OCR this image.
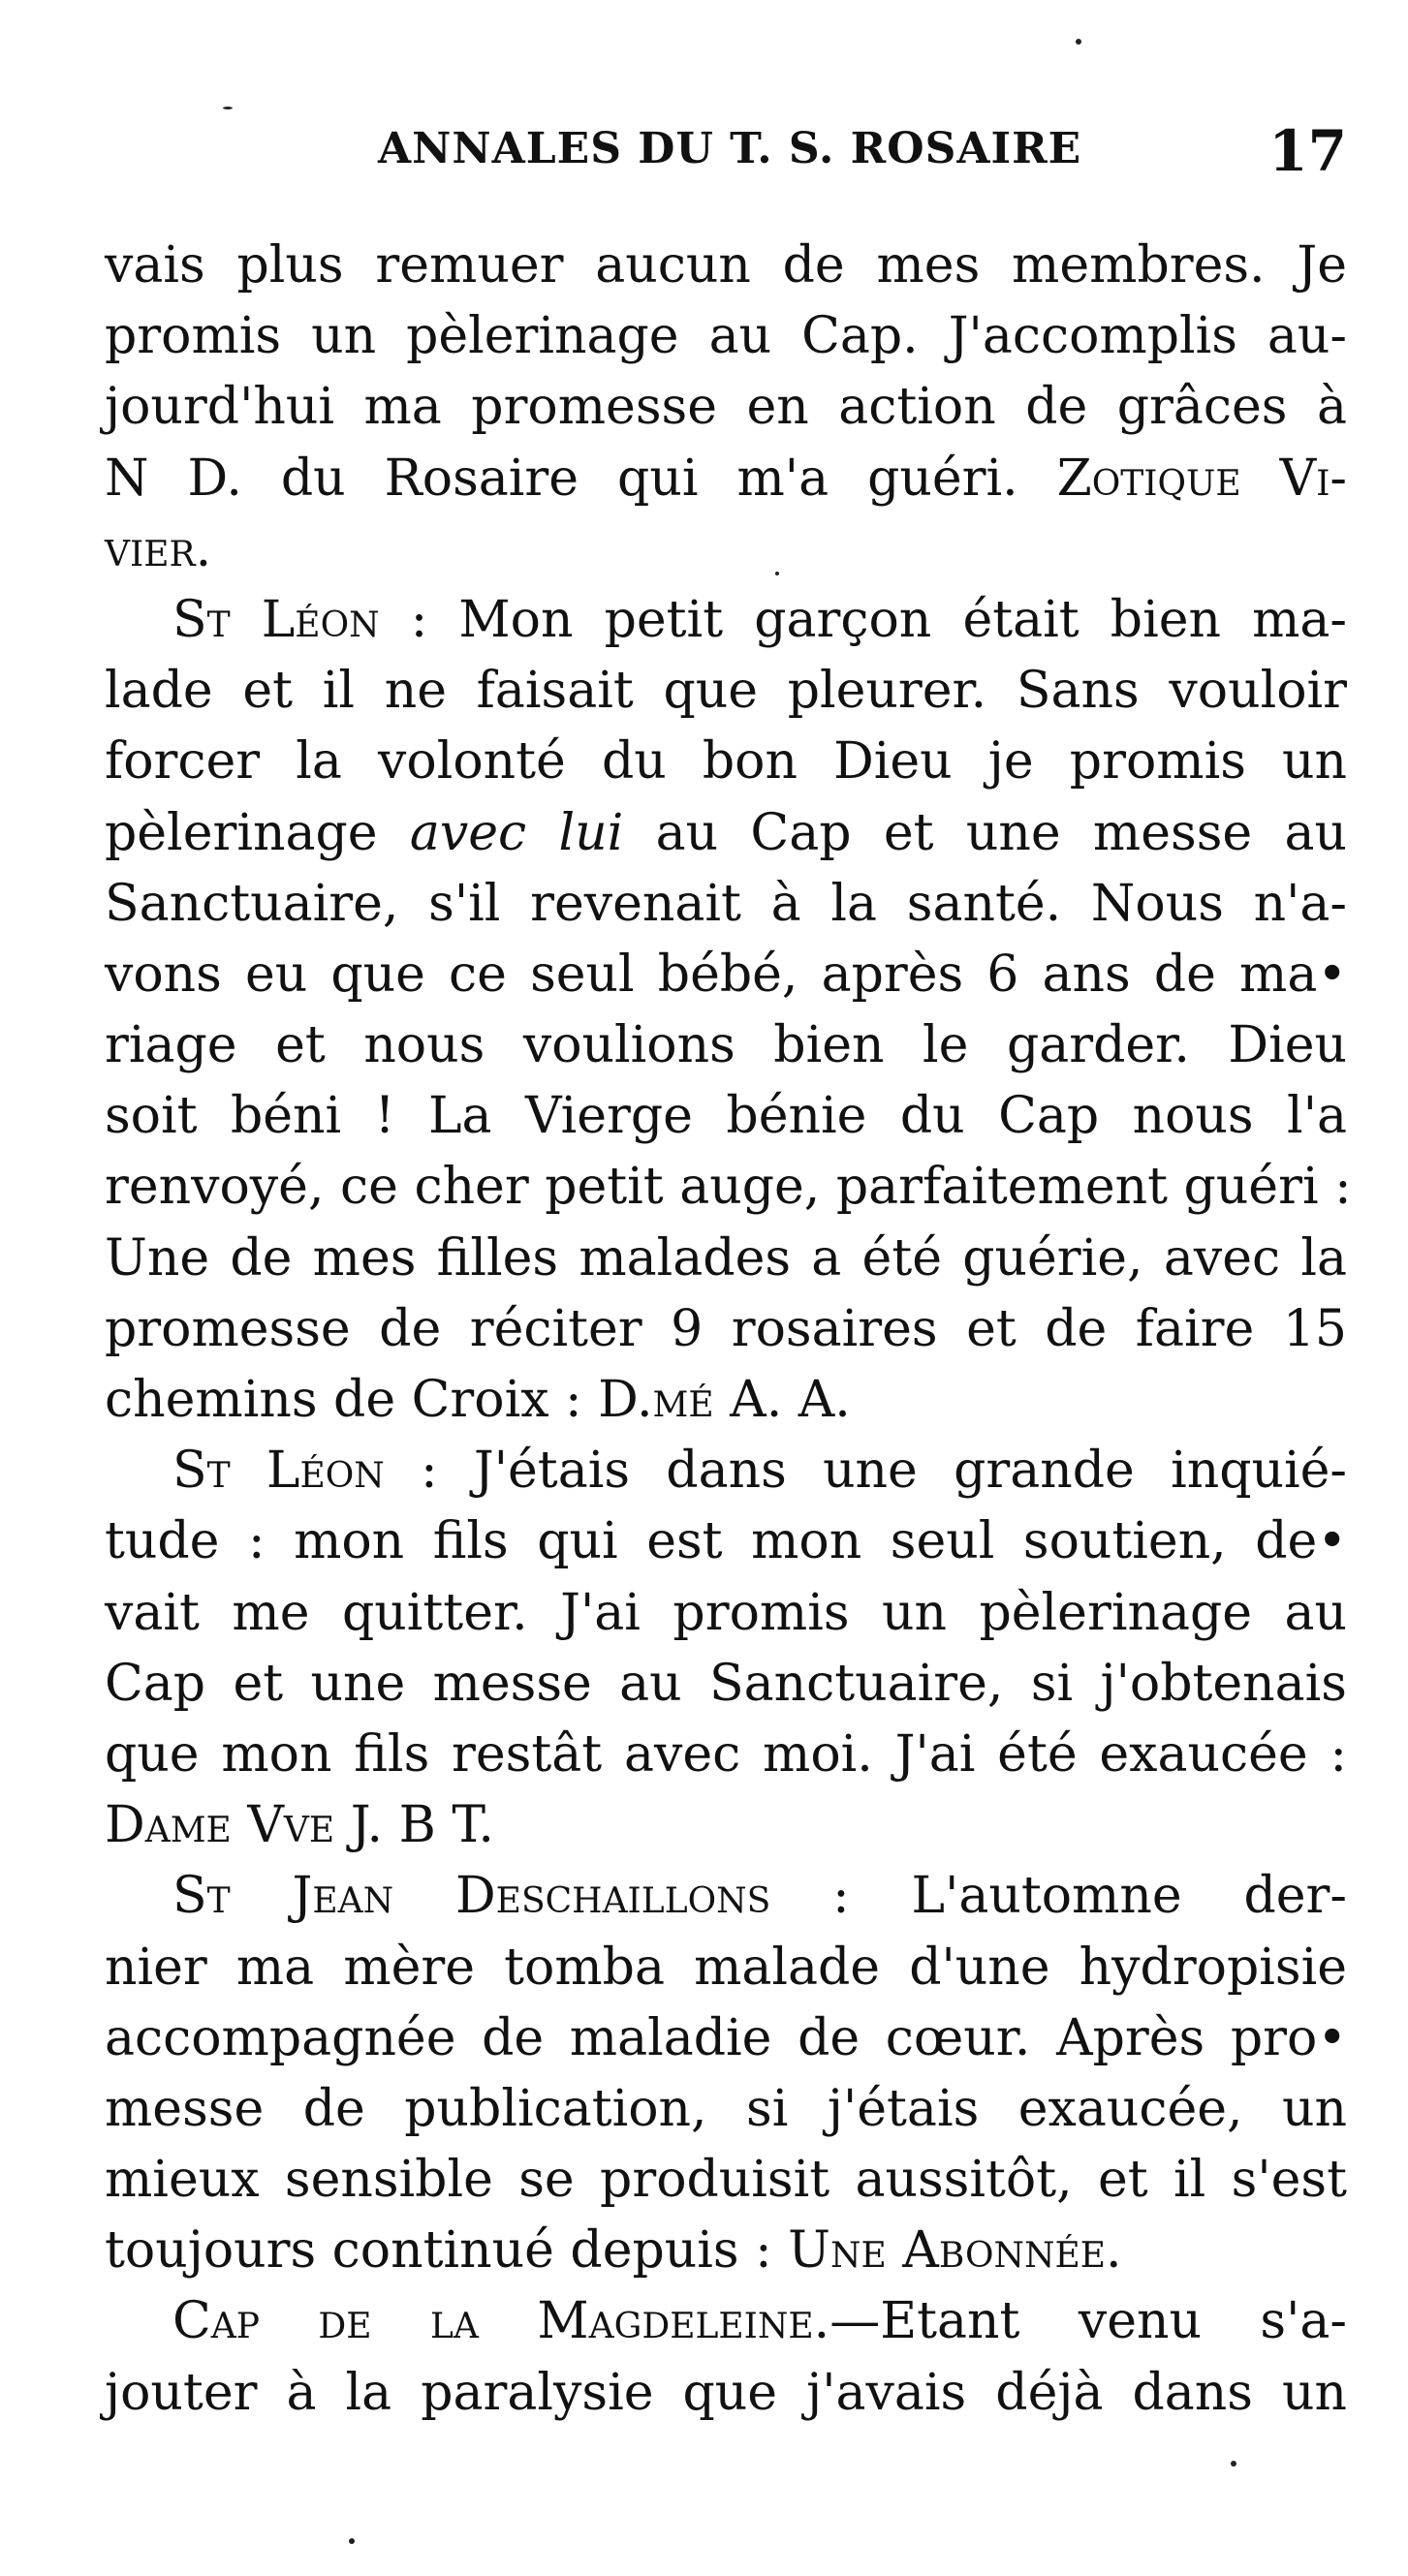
ANNALES DU T. S. ROSAIRE	17
vais plus remuer aucun de mes membres. Je
promis un pèlerinage au Cap. J'accomplis au-
jourd'hui ma promesse en action de grâces à
N D. du Rosaire qui m'a guéri. Zotique Vi-
vier.
St Léon : Mon petit garçon était bien ma-
lade et il ne faisait que pleurer. Sans vouloir
forcer la volonté du bon Dieu je promis un
pèlerinage avec lui au Cap et une messe au
Sanctuaire, s'il revenait à la santé. Nous n'a-
vons eu que ce seul bébé, après 6 ans de ma•
riage et nous voulions bien le garder. Dieu
soit béni ! La Vierge bénie du Cap nous l'a
renvoyé, ce cher petit auge, parfaitement guéri :
Une de mes filles malades a été guérie, avec la
promesse de réciter 9 rosaires et de faire 15
chemins de Croix : D.mé A. A.
St Léon : J'étais dans une grande inquié-
tude : mon fils qui est mon seul soutien, de•
vait me quitter. J'ai promis un pèlerinage au
Cap et une messe au Sanctuaire, si j'obtenais
que mon fils restât avec moi. J'ai été exaucée :
Dame Vve J. B T.
St Jean Deschaillons : L'automne der-
nier ma mère tomba malade d'une hydropisie
accompagnée de maladie de cœur. Après pro•
messe de publication, si j'étais exaucée, un
mieux sensible se produisit aussitôt, et il s'est
toujours continué depuis : Une Abonnée.
Cap de la Magdeleine.—Etant venu s'a-
jouter à la paralysie que j'avais déjà dans un
